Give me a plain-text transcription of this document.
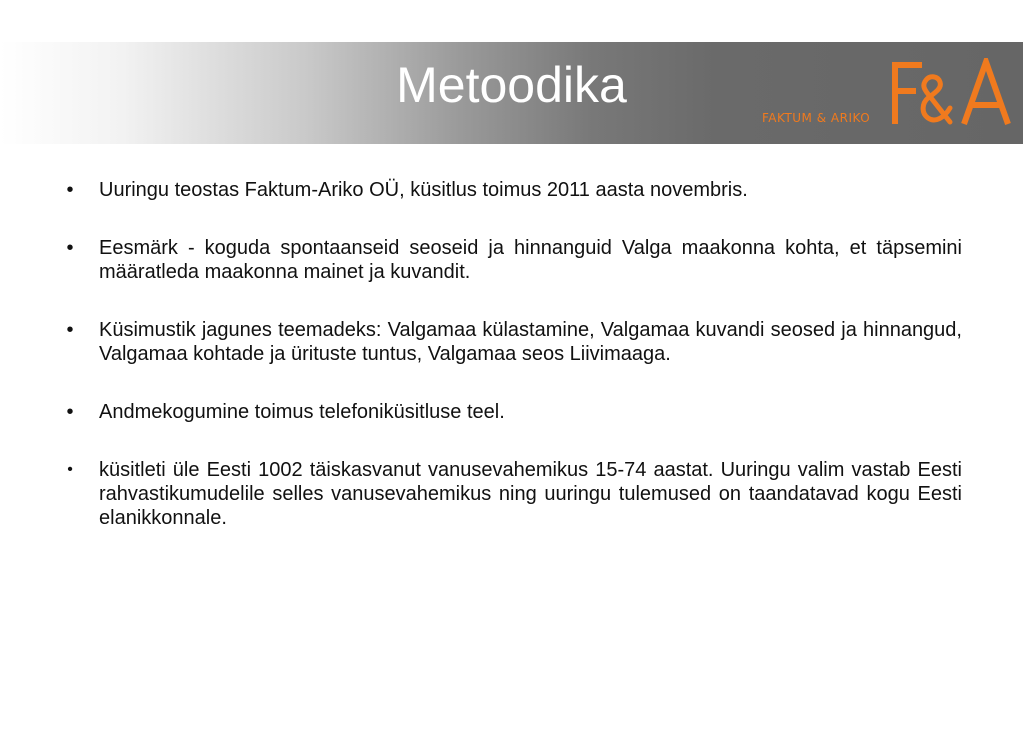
Metoodika
FAKTUM & ARIKO
•	Uuringu teostas Faktum-Ariko OÜ, küsitlus toimus 2011 aasta novembris.
•	Eesmärk - koguda spontaanseid seoseid ja hinnanguid Valga maakonna kohta, et täpsemini määratleda maakonna mainet ja kuvandit.
•	Küsimustik jagunes teemadeks: Valgamaa külastamine, Valgamaa kuvandi seosed ja hinnangud, Valgamaa kohtade ja ürituste tuntus, Valgamaa seos Liivimaaga.
•	Andmekogumine toimus telefoniküsitluse teel.
•	küsitleti üle Eesti 1002 täiskasvanut vanusevahemikus 15-74 aastat. Uuringu valim vastab Eesti rahvastikumudelile selles vanusevahemikus ning uuringu tulemused on taandatavad kogu Eesti elanikkonnale.
